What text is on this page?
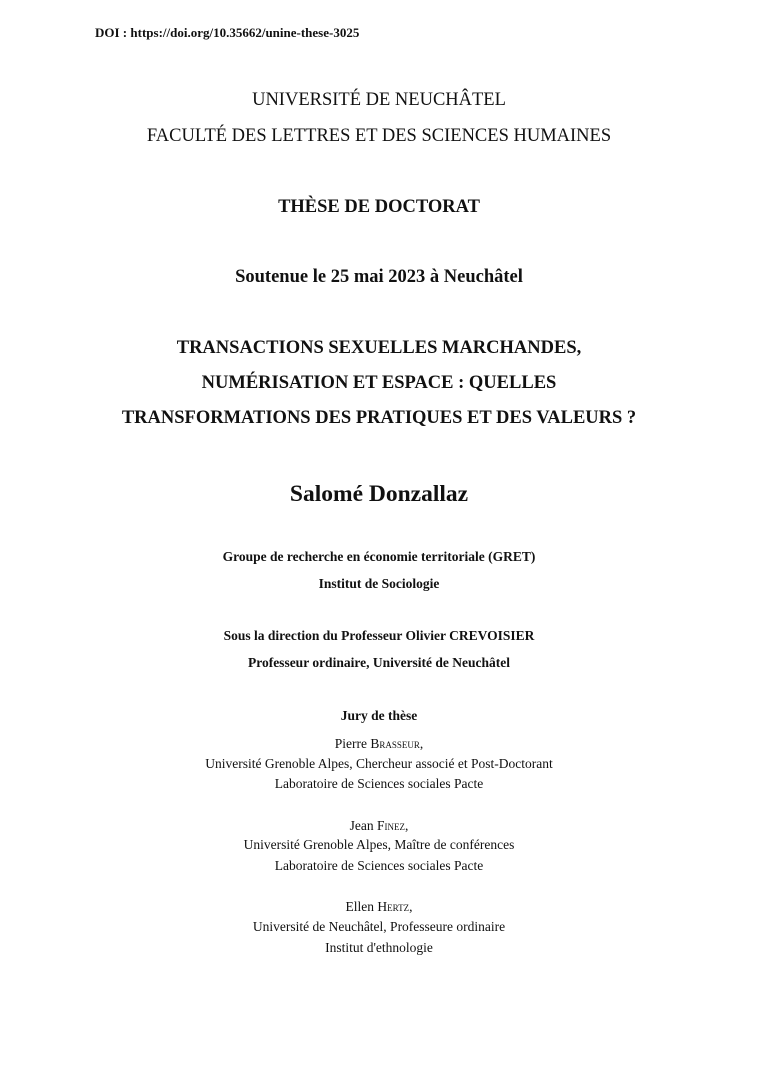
DOI : https://doi.org/10.35662/unine-these-3025
UNIVERSITÉ DE NEUCHÂTEL
FACULTÉ DES LETTRES ET DES SCIENCES HUMAINES
THÈSE DE DOCTORAT
Soutenue le 25 mai 2023 à Neuchâtel
TRANSACTIONS SEXUELLES MARCHANDES,
NUMÉRISATION ET ESPACE : QUELLES
TRANSFORMATIONS DES PRATIQUES ET DES VALEURS ?
Salomé Donzallaz
Groupe de recherche en économie territoriale (GRET)
Institut de Sociologie
Sous la direction du Professeur Olivier CREVOISIER
Professeur ordinaire, Université de Neuchâtel
Jury de thèse
Pierre Brasseur,
Université Grenoble Alpes, Chercheur associé et Post-Doctorant
Laboratoire de Sciences sociales Pacte
Jean Finez,
Université Grenoble Alpes, Maître de conférences
Laboratoire de Sciences sociales Pacte
Ellen Hertz,
Université de Neuchâtel, Professeure ordinaire
Institut d'ethnologie
